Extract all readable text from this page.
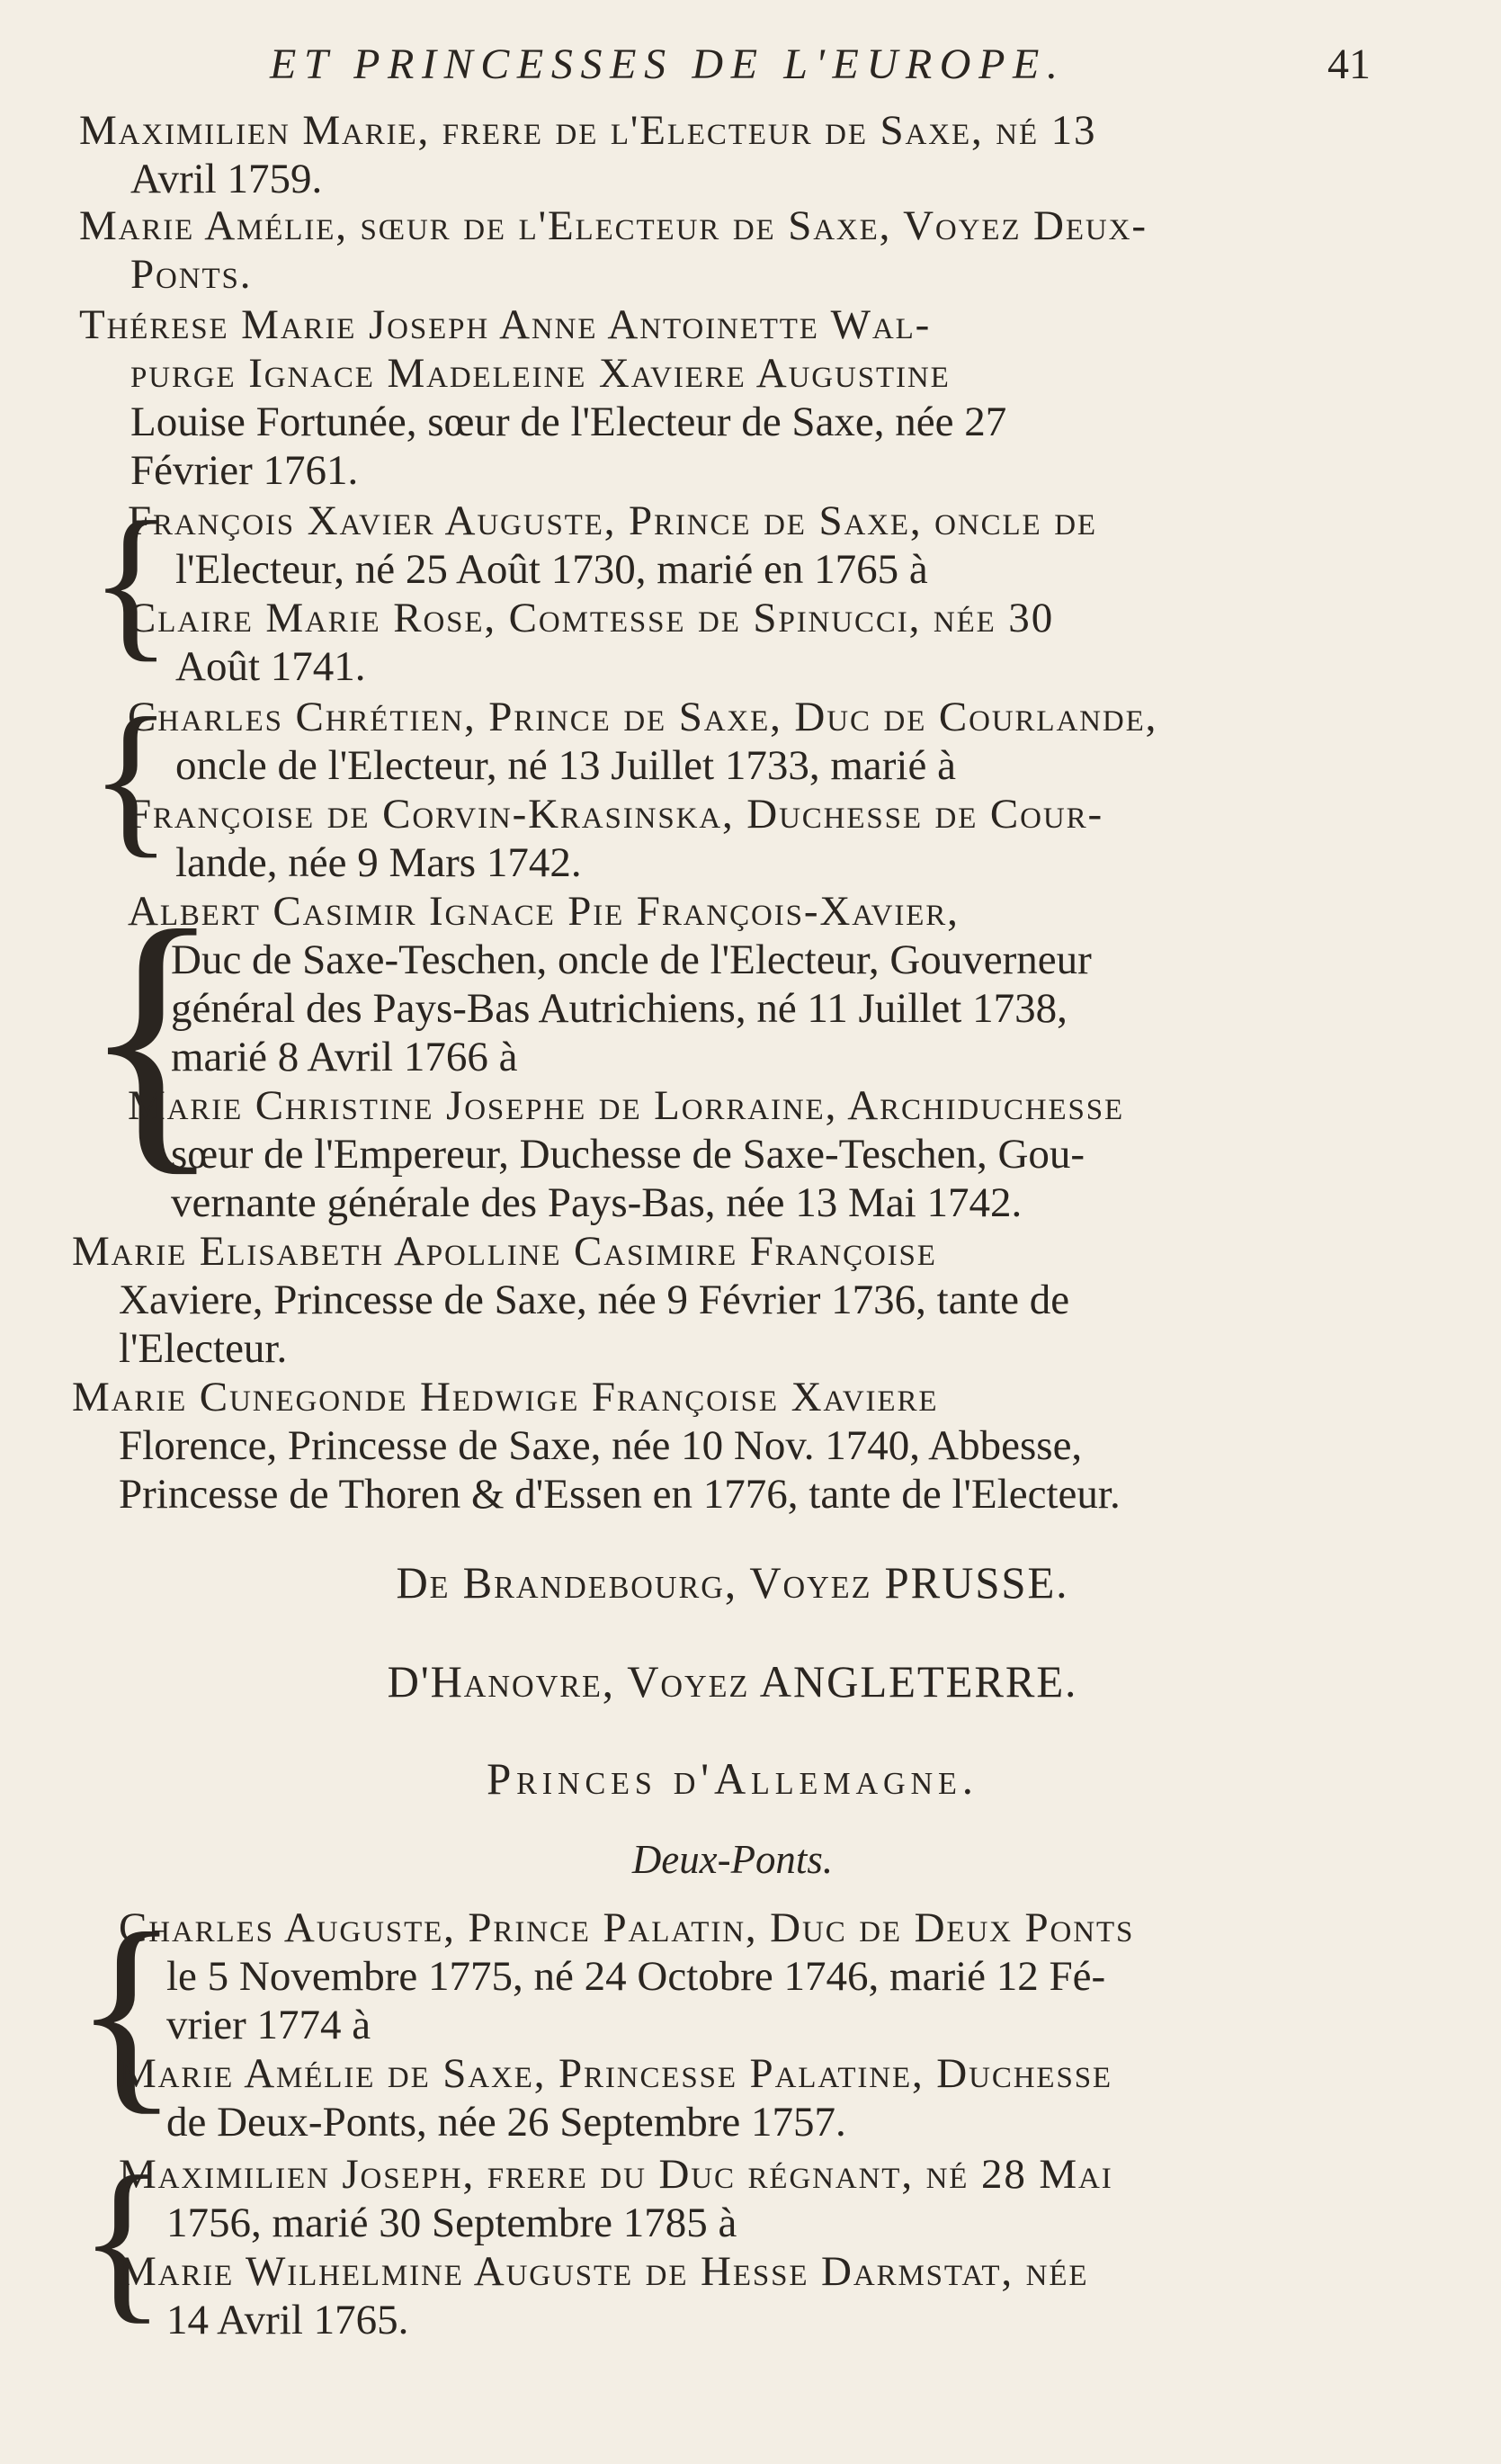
ET PRINCESSES DE L'EUROPE.	41
Maximilien Marie, frere de l'Electeur de Saxe, né 13
Avril 1759.
Marie Amélie, sœur de l'Electeur de Saxe, Voyez Deux-
Ponts.
Thérese Marie Joseph Anne Antoinette Wal-
purge Ignace Madeleine Xaviere Augustine
Louise Fortunée, sœur de l'Electeur de Saxe, née 27
Février 1761.
{
François Xavier Auguste, Prince de Saxe, oncle de
l'Electeur, né 25 Août 1730, marié en 1765 à
Claire Marie Rose, Comtesse de Spinucci, née 30
Août 1741.
{
Charles Chrétien, Prince de Saxe, Duc de Courlande,
oncle de l'Electeur, né 13 Juillet 1733, marié à
Françoise de Corvin-Krasinska, Duchesse de Cour-
lande, née 9 Mars 1742.
{
Albert Casimir Ignace Pie François-Xavier,
Duc de Saxe-Teschen, oncle de l'Electeur, Gouverneur
général des Pays-Bas Autrichiens, né 11 Juillet 1738,
marié 8 Avril 1766 à
Marie Christine Josephe de Lorraine, Archiduchesse
sœur de l'Empereur, Duchesse de Saxe-Teschen, Gou-
vernante générale des Pays-Bas, née 13 Mai 1742.
Marie Elisabeth Apolline Casimire Françoise
Xaviere, Princesse de Saxe, née 9 Février 1736, tante de
l'Electeur.
Marie Cunegonde Hedwige Françoise Xaviere
Florence, Princesse de Saxe, née 10 Nov. 1740, Abbesse,
Princesse de Thoren & d'Essen en 1776, tante de l'Electeur.
De Brandebourg, Voyez PRUSSE.
D'Hanovre, Voyez ANGLETERRE.
Princes d'Allemagne.
Deux-Ponts.
{
Charles Auguste, Prince Palatin, Duc de Deux Ponts
le 5 Novembre 1775, né 24 Octobre 1746, marié 12 Fé-
vrier 1774 à
Marie Amélie de Saxe, Princesse Palatine, Duchesse
de Deux-Ponts, née 26 Septembre 1757.
{
Maximilien Joseph, frere du Duc régnant, né 28 Mai
1756, marié 30 Septembre 1785 à
Marie Wilhelmine Auguste de Hesse Darmstat, née
14 Avril 1765.
